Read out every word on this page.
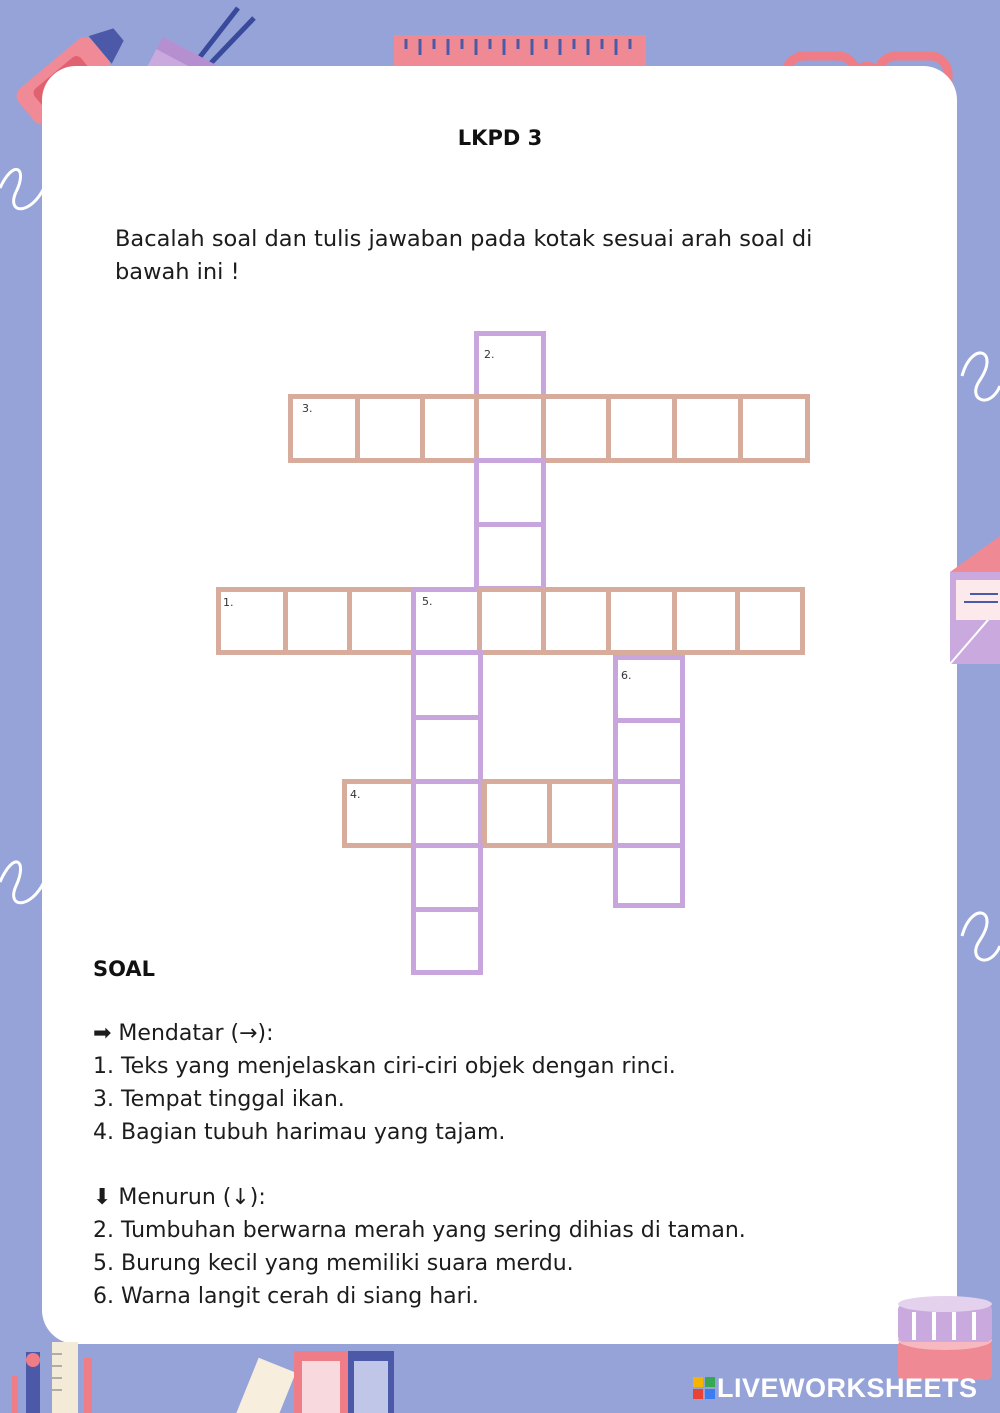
LKPD 3
Bacalah soal dan tulis jawaban pada kotak sesuai arah soal di bawah ini !
2.
3.
1.	5.
6.
4.
SOAL
➡ Mendatar (→):
1. Teks yang menjelaskan ciri-ciri objek dengan rinci.
3. Tempat tinggal ikan.
4. Bagian tubuh harimau yang tajam.
⬇ Menurun (↓):
2. Tumbuhan berwarna merah yang sering dihias di taman.
5. Burung kecil yang memiliki suara merdu.
6. Warna langit cerah di siang hari.
LIVEWORKSHEETS
